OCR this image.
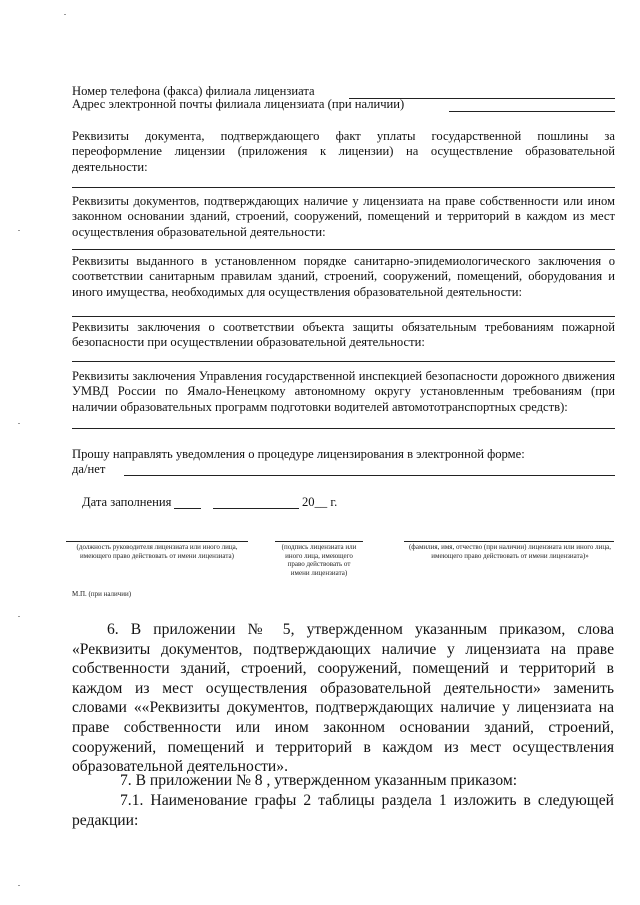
Номер телефона (факса) филиала лицензиата
Адрес электронной почты филиала лицензиата (при наличии)
Реквизиты документа, подтверждающего факт уплаты государственной пошлины за переоформление лицензии (приложения к лицензии) на осуществление образовательной деятельности:
Реквизиты документов, подтверждающих наличие у лицензиата на праве собственности или ином законном основании зданий, строений, сооружений, помещений и территорий в каждом из мест осуществления образовательной деятельности:
Реквизиты выданного в установленном порядке санитарно-эпидемиологического заключения о соответствии санитарным правилам зданий, строений, сооружений, помещений, оборудования и иного имущества, необходимых для осуществления образовательной деятельности:
Реквизиты заключения о соответствии объекта защиты обязательным требованиям пожарной безопасности при осуществлении образовательной деятельности:
Реквизиты заключения Управления государственной инспекцией безопасности дорожного движения УМВД России по Ямало-Ненецкому автономному округу установленным требованиям (при наличии образовательных программ подготовки водителей автомототранспортных средств):
Прошу направлять уведомления о процедуре лицензирования в электронной форме:
да/нет
Дата заполнения	20__ г.
(должность руководителя лицензиата или иного лица, имеющего право действовать от имени лицензиата)
(подпись лицензиата или иного лица, имеющего право действовать от имени лицензиата)
(фамилия, имя, отчество (при наличии) лицензиата или иного лица, имеющего право действовать от имени лицензиата)»
М.П. (при наличии)
6. В приложении № 5, утвержденном указанным приказом, слова «Реквизиты документов, подтверждающих наличие у лицензиата на праве собственности зданий, строений, сооружений, помещений и территорий в каждом из мест осуществления образовательной деятельности» заменить словами ««Реквизиты документов, подтверждающих наличие у лицензиата на праве собственности или ином законном основании зданий, строений, сооружений, помещений и территорий в каждом из мест осуществления образовательной деятельности».
7. В приложении № 8 , утвержденном указанным приказом:
7.1. Наименование графы 2 таблицы раздела 1 изложить в следующей редакции:
